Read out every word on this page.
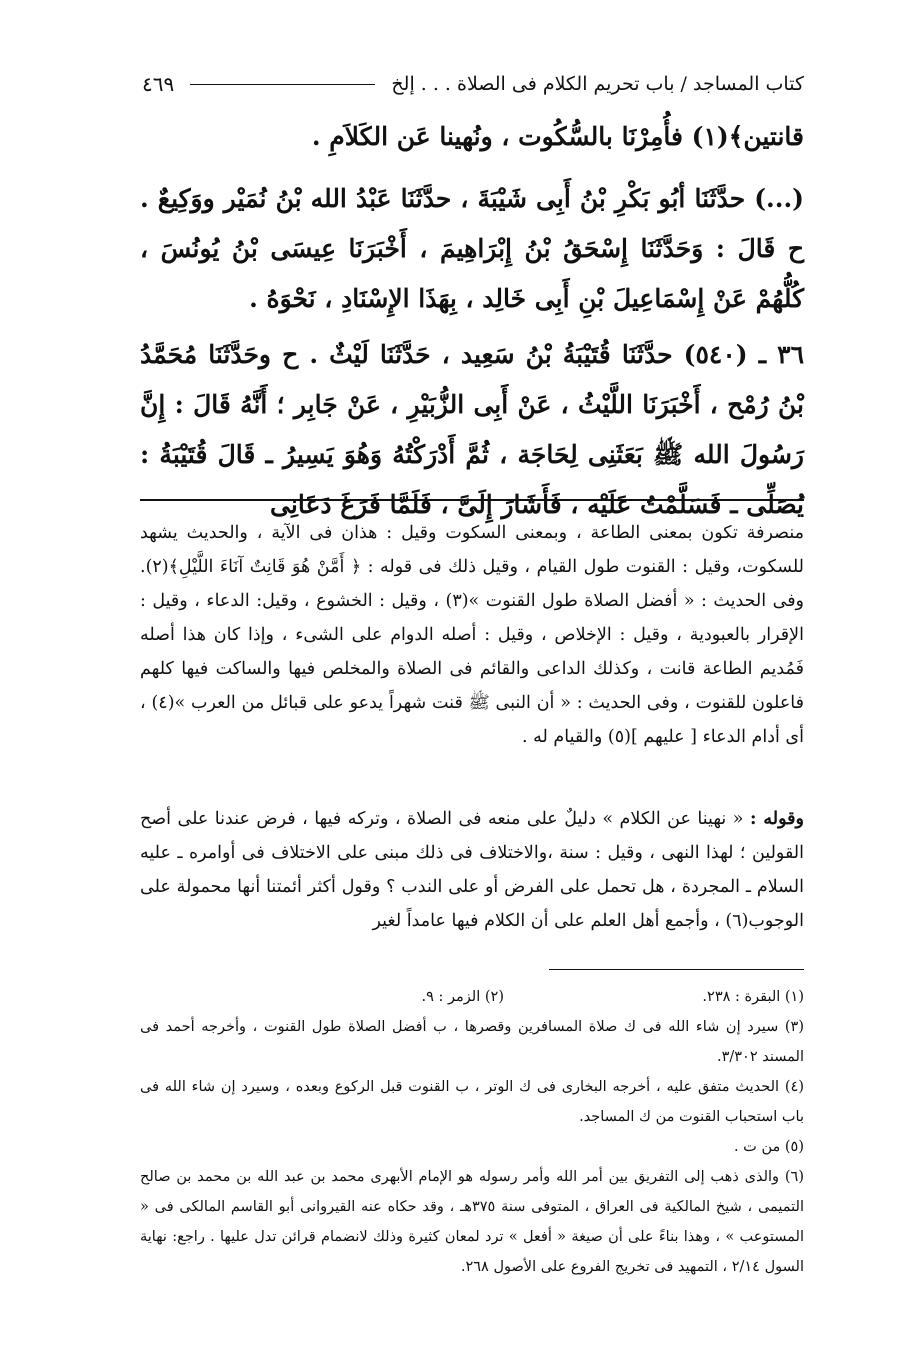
كتاب المساجد / باب تحريم الكلام فى الصلاة . . . إلخ
٤٦٩

قانتين﴾(١) فأُمِرْنَا بالسُّكُوت ، ونُهينا عَن الكَلاَمِ .

(...) حدَّثَنَا أبُو بَكْرِ بْنُ أَبِى شَيْبَةَ ، حدَّثَنَا عَبْدُ الله بْنُ نُمَيْر ووَكِيعٌ . ح قَالَ : وَحَدَّثَنَا إِسْحَقُ بْنُ إِبْرَاهِيمَ ، أَخْبَرَنَا عِيسَى بْنُ يُونُسَ ، كُلُّهُمْ عَنْ إِسْمَاعِيلَ بْنِ أَبِى خَالِد ، بِهَذَا الإِسْنَادِ ، نَحْوَهُ .

٣٦ ـ (٥٤٠) حدَّثَنَا قُتَيْبَةُ بْنُ سَعِيد ، حَدَّثَنَا لَيْثٌ . ح وحَدَّثَنَا مُحَمَّدُ بْنُ رُمْح ، أَخْبَرَنَا اللَّيْثُ ، عَنْ أَبِى الزُّبَيْرِ ، عَنْ جَابِر ؛ أَنَّهُ قَالَ : إِنَّ رَسُولَ الله ﷺ بَعَثَنِى لِحَاجَة ، ثُمَّ أَدْرَكْتُهُ وَهُوَ يَسِيرُ ـ قَالَ قُتَيْبَةُ : يُصَلِّى ـ فَسَلَّمْتُ عَلَيْه ، فَأَشَارَ إِلَىَّ ، فَلَمَّا فَرَغَ دَعَانِى

منصرفة تكون بمعنى الطاعة ، وبمعنى السكوت وقيل : هذان فى الآية ، والحديث يشهد للسكوت، وقيل : القنوت طول القيام ، وقيل ذلك فى قوله : ﴿ أَمَّنْ هُوَ قَانِتٌ آنَاءَ اللَّيْلِ﴾(٢). وفى الحديث : « أفضل الصلاة طول القنوت »(٣) ، وقيل : الخشوع ، وقيل: الدعاء ، وقيل : الإقرار بالعبودية ، وقيل : الإخلاص ، وقيل : أصله الدوام على الشىء ، وإذا كان هذا أصله فَمُديم الطاعة قانت ، وكذلك الداعى والقائم فى الصلاة والمخلص فيها والساكت فيها كلهم فاعلون للقنوت ، وفى الحديث : « أن النبى ﷺ قنت شهراً يدعو على قبائل من العرب »(٤) ، أى أدام الدعاء [ عليهم ](٥) والقيام له .

وقوله : « نهينا عن الكلام » دليلٌ على منعه فى الصلاة ، وتركه فيها ، فرض عندنا على أصح القولين ؛ لهذا النهى ، وقيل : سنة ،والاختلاف فى ذلك مبنى على الاختلاف فى أوامره ـ عليه السلام ـ المجردة ، هل تحمل على الفرض أو على الندب ؟ وقول أكثر أئمتنا أنها محمولة على الوجوب(٦) ، وأجمع أهل العلم على أن الكلام فيها عامداً لغير

(١) البقرة : ٢٣٨.
(٢) الزمر : ٩.
(٣) سيرد إن شاء الله فى ك صلاة المسافرين وقصرها ، ب أفضل الصلاة طول القنوت ، وأخرجه أحمد فى المسند ٣/٣٠٢.
(٤) الحديث متفق عليه ، أخرجه البخارى فى ك الوتر ، ب القنوت قبل الركوع وبعده ، وسيرد إن شاء الله فى باب استحباب القنوت من ك المساجد.
(٥) من ت .
(٦) والذى ذهب إلى التفريق بين أمر الله وأمر رسوله هو الإمام الأبهرى محمد بن عبد الله بن محمد بن صالح التميمى ، شيخ المالكية فى العراق ، المتوفى سنة ٣٧٥هـ ، وقد حكاه عنه القيروانى أبو القاسم المالكى فى « المستوعب » ، وهذا بناءً على أن صيغة « أفعل » ترد لمعان كثيرة وذلك لانضمام قرائن تدل عليها . راجع: نهاية السول ٢/١٤ ، التمهيد فى تخريج الفروع على الأصول ٢٦٨.
